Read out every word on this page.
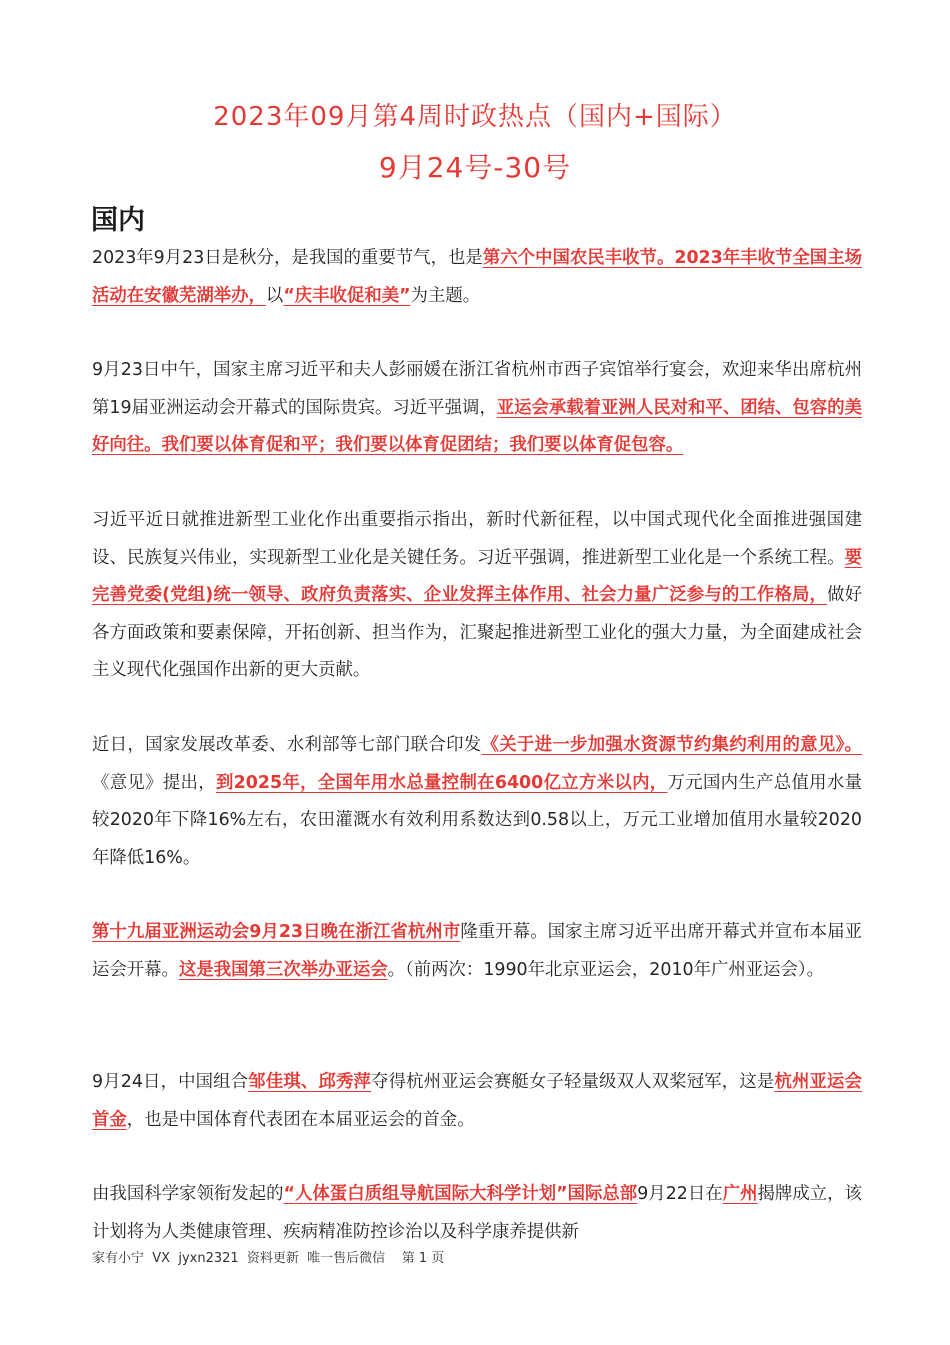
2023年09月第4周时政热点（国内+国际）
9月24号-30号
国内
2023年9月23日是秋分，是我国的重要节气，也是第六个中国农民丰收节。2023年丰收节全国主场活动在安徽芜湖举办，以“庆丰收促和美”为主题。
9月23日中午，国家主席习近平和夫人彭丽媛在浙江省杭州市西子宾馆举行宴会，欢迎来华出席杭州第19届亚洲运动会开幕式的国际贵宾。习近平强调，亚运会承载着亚洲人民对和平、团结、包容的美好向往。我们要以体育促和平；我们要以体育促团结；我们要以体育促包容。
习近平近日就推进新型工业化作出重要指示指出，新时代新征程，以中国式现代化全面推进强国建设、民族复兴伟业，实现新型工业化是关键任务。习近平强调，推进新型工业化是一个系统工程。要完善党委(党组)统一领导、政府负责落实、企业发挥主体作用、社会力量广泛参与的工作格局，做好各方面政策和要素保障，开拓创新、担当作为，汇聚起推进新型工业化的强大力量，为全面建成社会主义现代化强国作出新的更大贡献。
近日，国家发展改革委、水利部等七部门联合印发《关于进一步加强水资源节约集约利用的意见》。《意见》提出，到2025年，全国年用水总量控制在6400亿立方米以内，万元国内生产总值用水量较2020年下降16%左右，农田灌溉水有效利用系数达到0.58以上，万元工业增加值用水量较2020年降低16%。
第十九届亚洲运动会9月23日晚在浙江省杭州市隆重开幕。国家主席习近平出席开幕式并宣布本届亚运会开幕。这是我国第三次举办亚运会。（前两次：1990年北京亚运会，2010年广州亚运会）。
9月24日，中国组合邹佳琪、邱秀萍夺得杭州亚运会赛艇女子轻量级双人双桨冠军，这是杭州亚运会首金，也是中国体育代表团在本届亚运会的首金。
由我国科学家领衔发起的“人体蛋白质组导航国际大科学计划”国际总部9月22日在广州揭牌成立，该计划将为人类健康管理、疾病精准防控诊治以及科学康养提供新
家有小宁  VX  jyxn2321  资料更新  唯一售后微信 第 1 页
